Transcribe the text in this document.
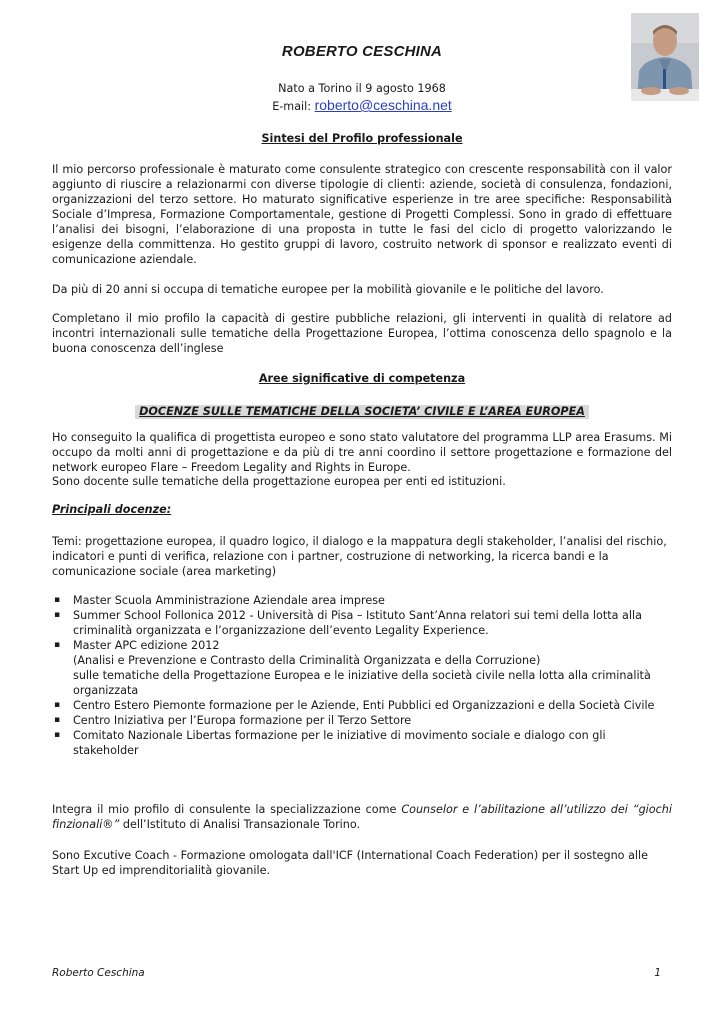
ROBERTO CESCHINA
Nato a Torino il 9 agosto 1968
E-mail: roberto@ceschina.net
Sintesi del Profilo professionale

Il mio percorso professionale è maturato come consulente strategico con crescente responsabilità con il valor aggiunto di riuscire a relazionarmi con diverse tipologie di clienti: aziende, società di consulenza, fondazioni, organizzazioni del terzo settore. Ho maturato significative esperienze in tre aree specifiche: Responsabilità Sociale d’Impresa, Formazione Comportamentale, gestione di Progetti Complessi. Sono in grado di effettuare l’analisi dei bisogni, l’elaborazione di una proposta in tutte le fasi del ciclo di progetto valorizzando le esigenze della committenza. Ho gestito gruppi di lavoro, costruito network di sponsor e realizzato eventi di comunicazione aziendale.

Da più di 20 anni si occupa di tematiche europee per la mobilità giovanile e le politiche del lavoro.

Completano il mio profilo la capacità di gestire pubbliche relazioni, gli interventi in qualità di relatore ad incontri internazionali sulle tematiche della Progettazione Europea, l’ottima conoscenza dello spagnolo e la buona conoscenza dell’inglese

Aree significative di competenza
DOCENZE SULLE TEMATICHE DELLA SOCIETA’ CIVILE E L’AREA EUROPEA

Ho conseguito la qualifica di progettista europeo e sono stato valutatore del programma LLP area Erasums. Mi occupo da molti anni di progettazione e da più di tre anni coordino il settore progettazione e formazione del network europeo Flare – Freedom Legality and Rights in Europe.

Sono docente sulle tematiche della progettazione europea per enti ed istituzioni.

Principali docenze:

Temi: progettazione europea, il quadro logico, il dialogo e la mappatura degli stakeholder, l’analisi del rischio, indicatori e punti di verifica, relazione con i partner, costruzione di networking, la ricerca bandi e la comunicazione sociale (area marketing)

▪ Master Scuola Amministrazione Aziendale area imprese
▪ Summer School Follonica 2012 - Università di Pisa – Istituto Sant’Anna relatori sui temi della lotta alla criminalità organizzata e l’organizzazione dell’evento Legality Experience.
▪ Master APC edizione 2012
(Analisi e Prevenzione e Contrasto della Criminalità Organizzata e della Corruzione)
sulle tematiche della Progettazione Europea e le iniziative della società civile nella lotta alla criminalità organizzata
▪ Centro Estero Piemonte formazione per le Aziende, Enti Pubblici ed Organizzazioni e della Società Civile
▪ Centro Iniziativa per l’Europa formazione per il Terzo Settore
▪ Comitato Nazionale Libertas formazione per le iniziative di movimento sociale e dialogo con gli stakeholder

Integra il mio profilo di consulente la specializzazione come Counselor e l’abilitazione all’utilizzo dei “giochi finzionali®” dell’Istituto di Analisi Transazionale Torino.

Sono Excutive Coach - Formazione omologata dall'ICF (International Coach Federation) per il sostegno alle Start Up ed imprenditorialità giovanile.

Roberto Ceschina	1
